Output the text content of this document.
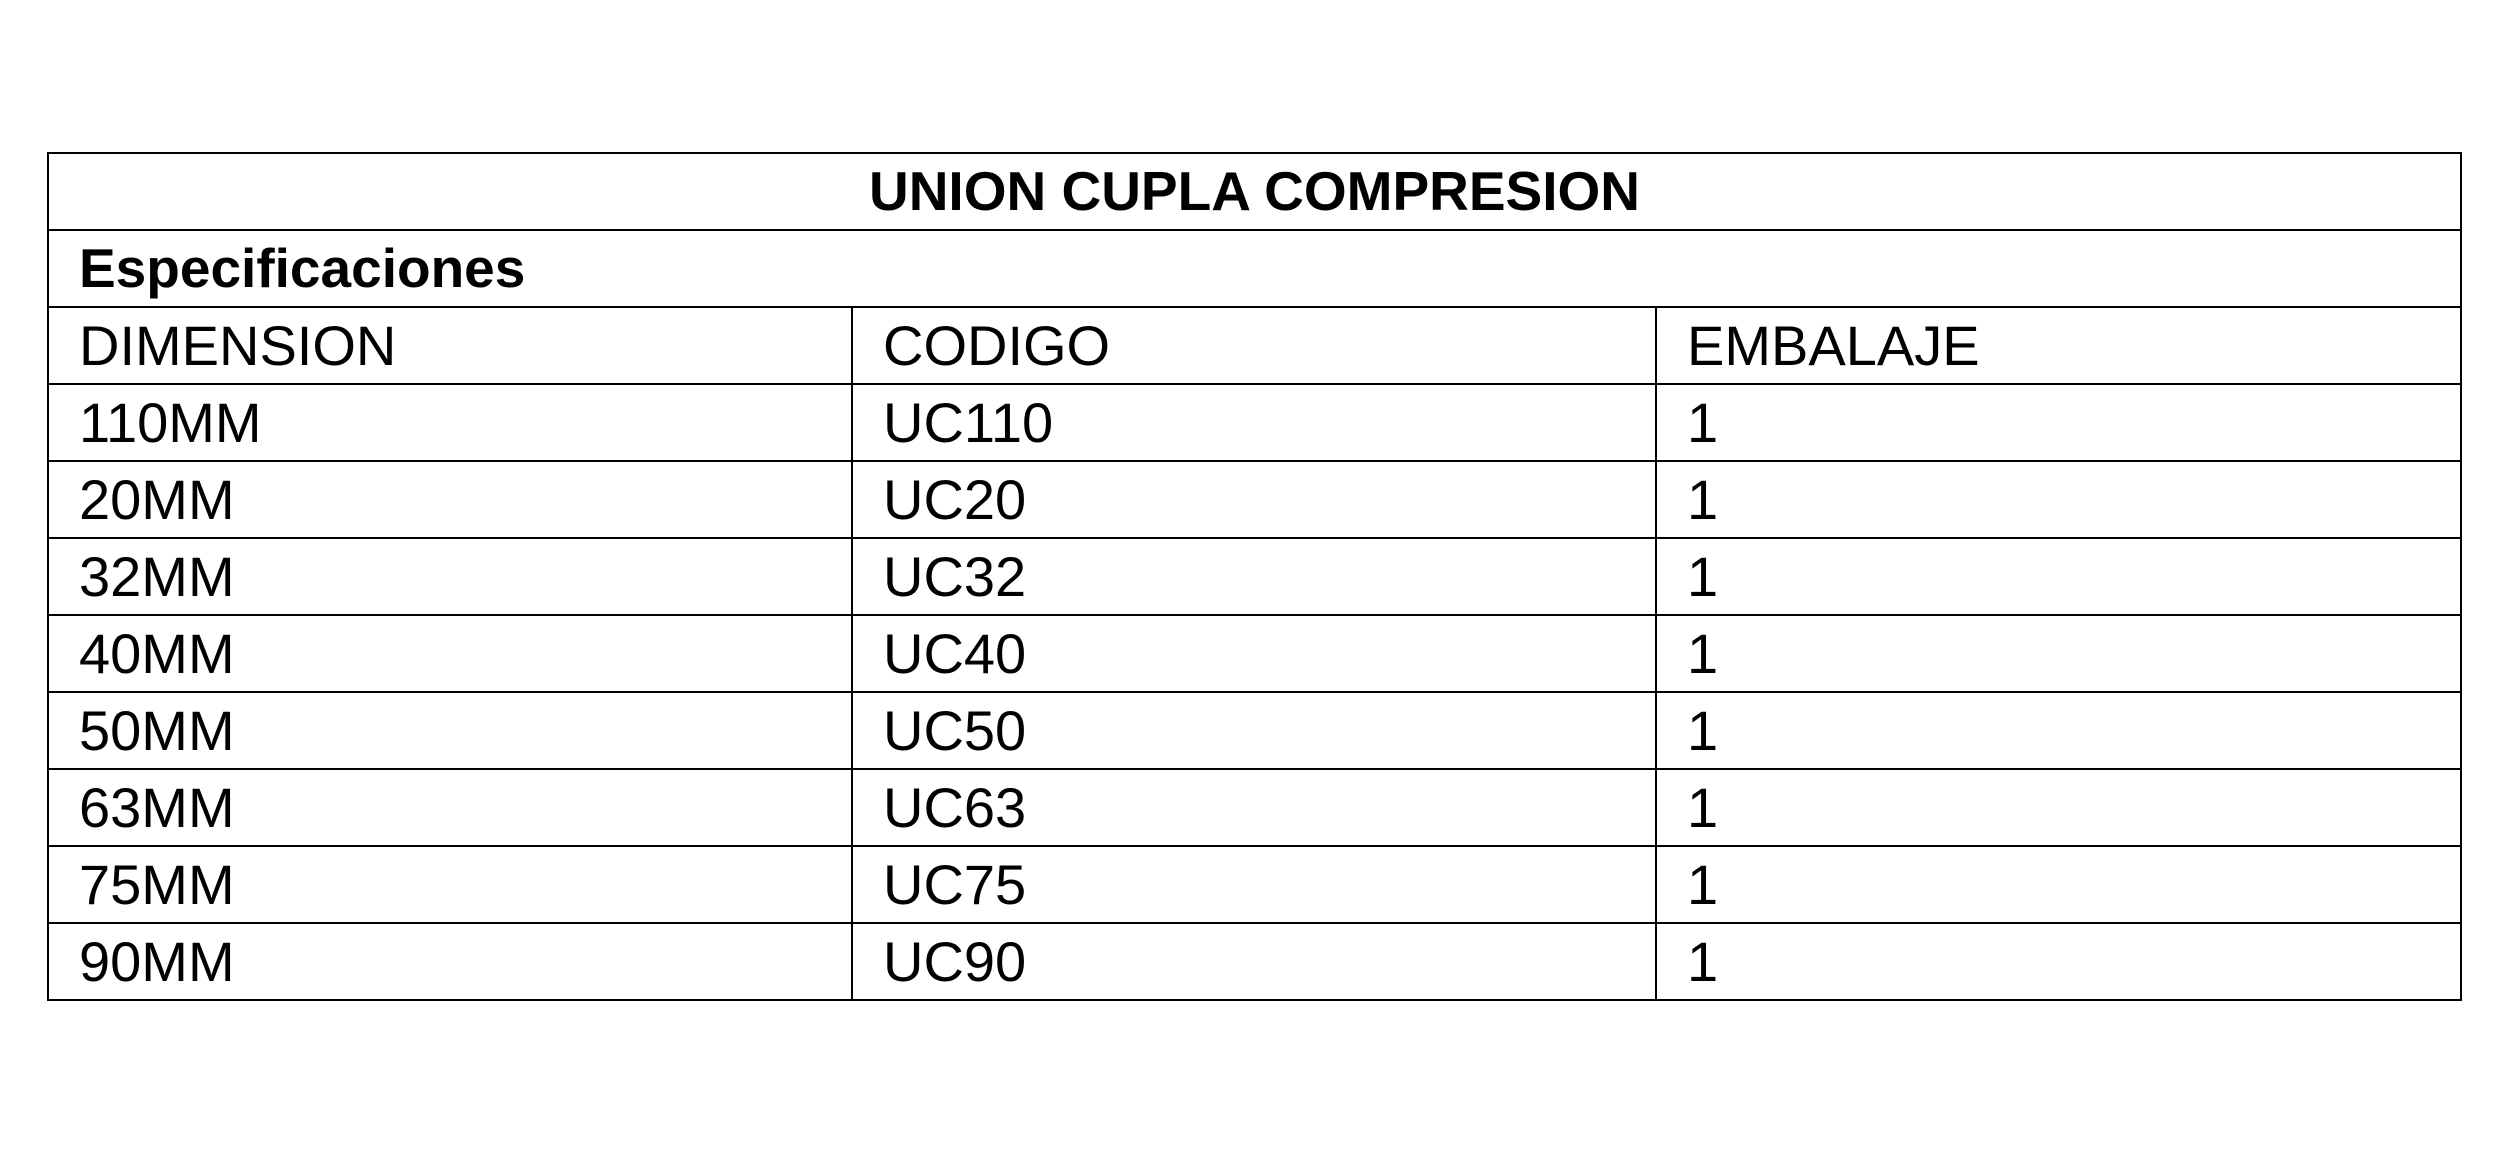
UNION CUPLA COMPRESION		
Especificaciones		
DIMENSION	CODIGO	EMBALAJE
110MM	UC110	1
20MM	UC20	1
32MM	UC32	1
40MM	UC40	1
50MM	UC50	1
63MM	UC63	1
75MM	UC75	1
90MM	UC90	1
